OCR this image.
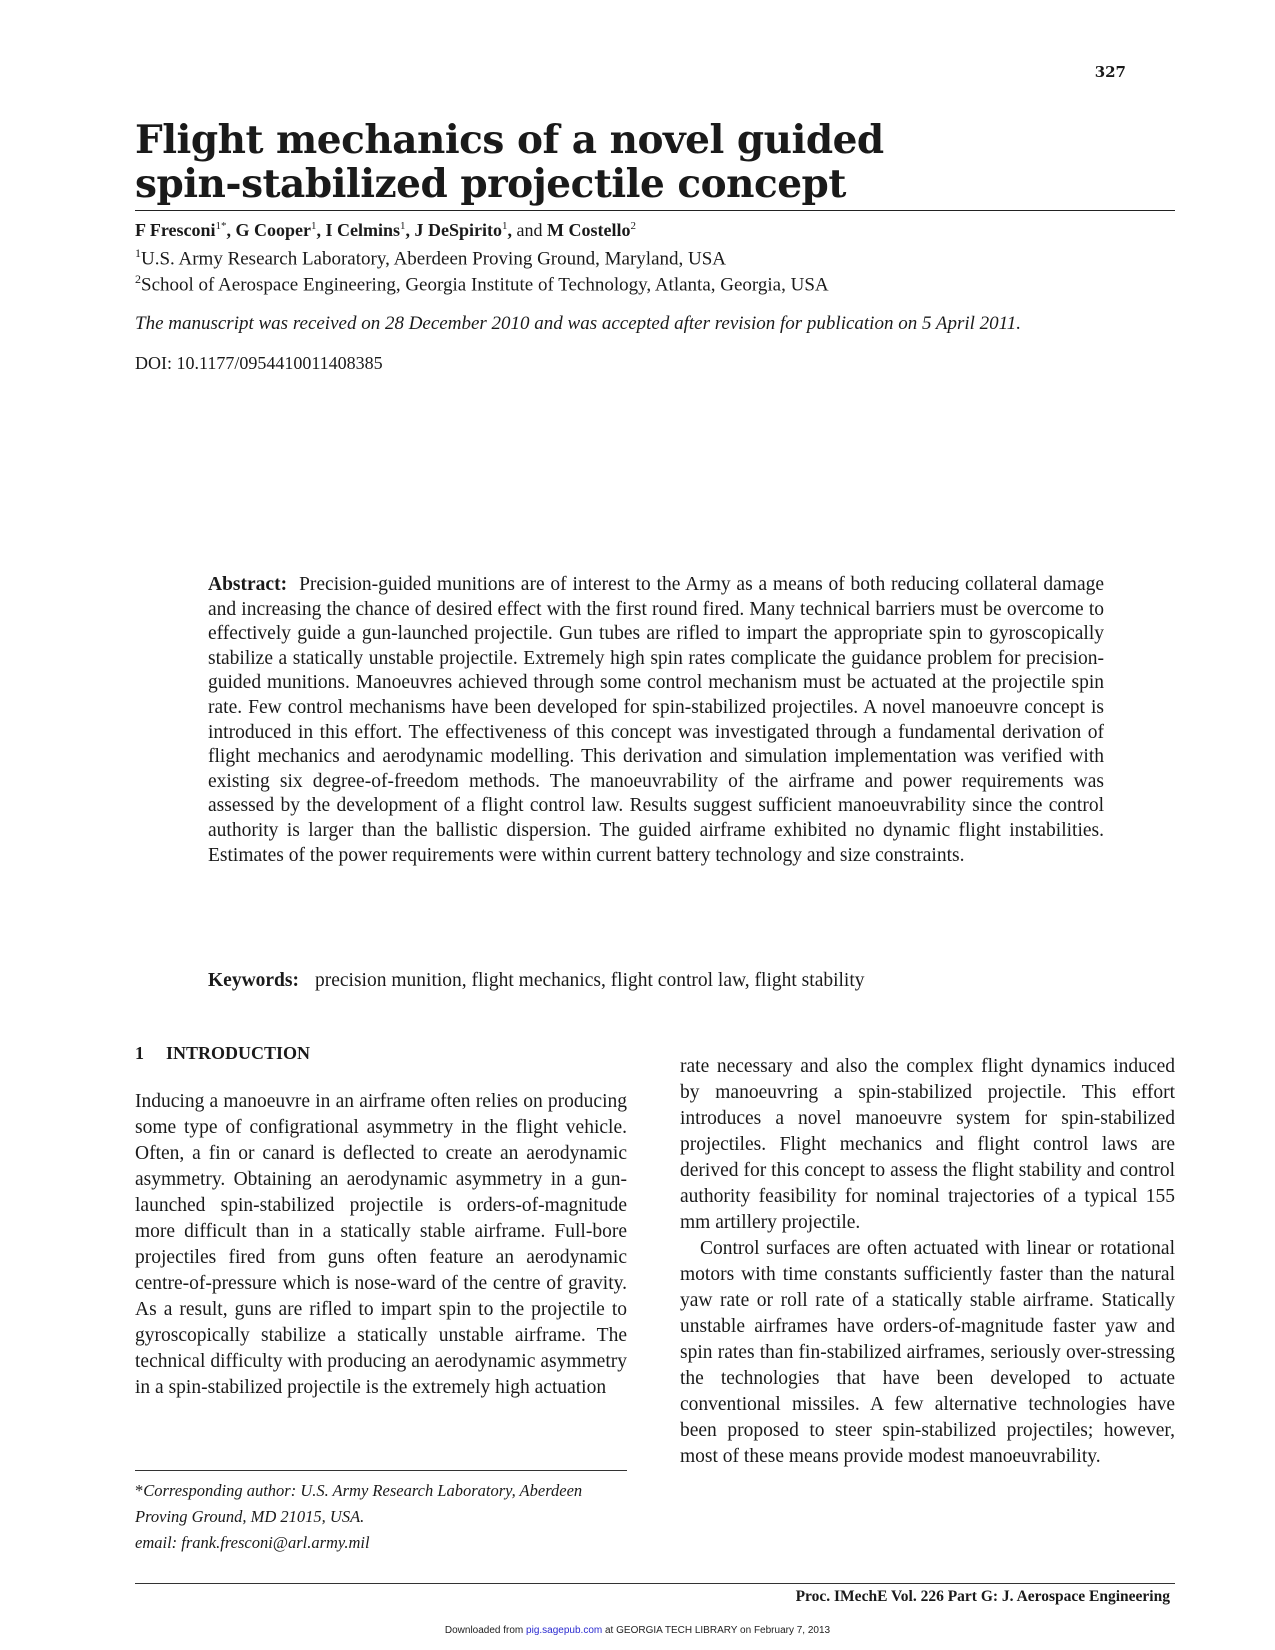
327
Flight mechanics of a novel guided
spin-stabilized projectile concept
F Fresconi$^{1*}$, G Cooper$^1$, I Celmins$^1$, J DeSpirito$^1$, and M Costello$^2$
$^1$U.S. Army Research Laboratory, Aberdeen Proving Ground, Maryland, USA
$^2$School of Aerospace Engineering, Georgia Institute of Technology, Atlanta, Georgia, USA
The manuscript was received on 28 December 2010 and was accepted after revision for publication on 5 April 2011.
DOI: 10.1177/0954410011408385
Abstract: Precision-guided munitions are of interest to the Army as a means of both reducing collateral damage and increasing the chance of desired effect with the first round fired. Many technical barriers must be overcome to effectively guide a gun-launched projectile. Gun tubes are rifled to impart the appropriate spin to gyroscopically stabilize a statically unstable projectile. Extremely high spin rates complicate the guidance problem for precision-guided munitions. Manoeuvres achieved through some control mechanism must be actuated at the projectile spin rate. Few control mechanisms have been developed for spin-stabilized projectiles. A novel manoeuvre concept is introduced in this effort. The effectiveness of this concept was investigated through a fundamental derivation of flight mechanics and aerodynamic modelling. This derivation and simulation implementation was verified with existing six degree-of-freedom methods. The manoeuvrability of the airframe and power requirements was assessed by the development of a flight control law. Results suggest sufficient manoeuvrability since the control authority is larger than the ballistic dispersion. The guided airframe exhibited no dynamic flight instabilities. Estimates of the power requirements were within current battery technology and size constraints.
Keywords: precision munition, flight mechanics, flight control law, flight stability
1 INTRODUCTION

Inducing a manoeuvre in an airframe often relies on producing some type of configrational asymmetry in the flight vehicle. Often, a fin or canard is deflected to create an aerodynamic asymmetry. Obtaining an aerodynamic asymmetry in a gun-launched spin-stabilized projectile is orders-of-magnitude more difficult than in a statically stable airframe. Full-bore projectiles fired from guns often feature an aerodynamic centre-of-pressure which is nose-ward of the centre of gravity. As a result, guns are rifled to impart spin to the projectile to gyroscopically stabilize a statically unstable airframe. The technical difficulty with producing an aerodynamic asymmetry in a spin-stabilized projectile is the extremely high actuation

rate necessary and also the complex flight dynamics induced by manoeuvring a spin-stabilized projectile. This effort introduces a novel manoeuvre system for spin-stabilized projectiles. Flight mechanics and flight control laws are derived for this concept to assess the flight stability and control authority feasibility for nominal trajectories of a typical 155 mm artillery projectile.

Control surfaces are often actuated with linear or rotational motors with time constants sufficiently faster than the natural yaw rate or roll rate of a statically stable airframe. Statically unstable airframes have orders-of-magnitude faster yaw and spin rates than fin-stabilized airframes, seriously over-stressing the technologies that have been developed to actuate conventional missiles. A few alternative technologies have been proposed to steer spin-stabilized projectiles; however, most of these means provide modest manoeuvrability.

*Corresponding author: U.S. Army Research Laboratory, Aberdeen
Proving Ground, MD 21015, USA.
email: frank.fresconi@arl.army.mil
Proc. IMechE Vol. 226 Part G: J. Aerospace Engineering
Downloaded from pig.sagepub.com at GEORGIA TECH LIBRARY on February 7, 2013
